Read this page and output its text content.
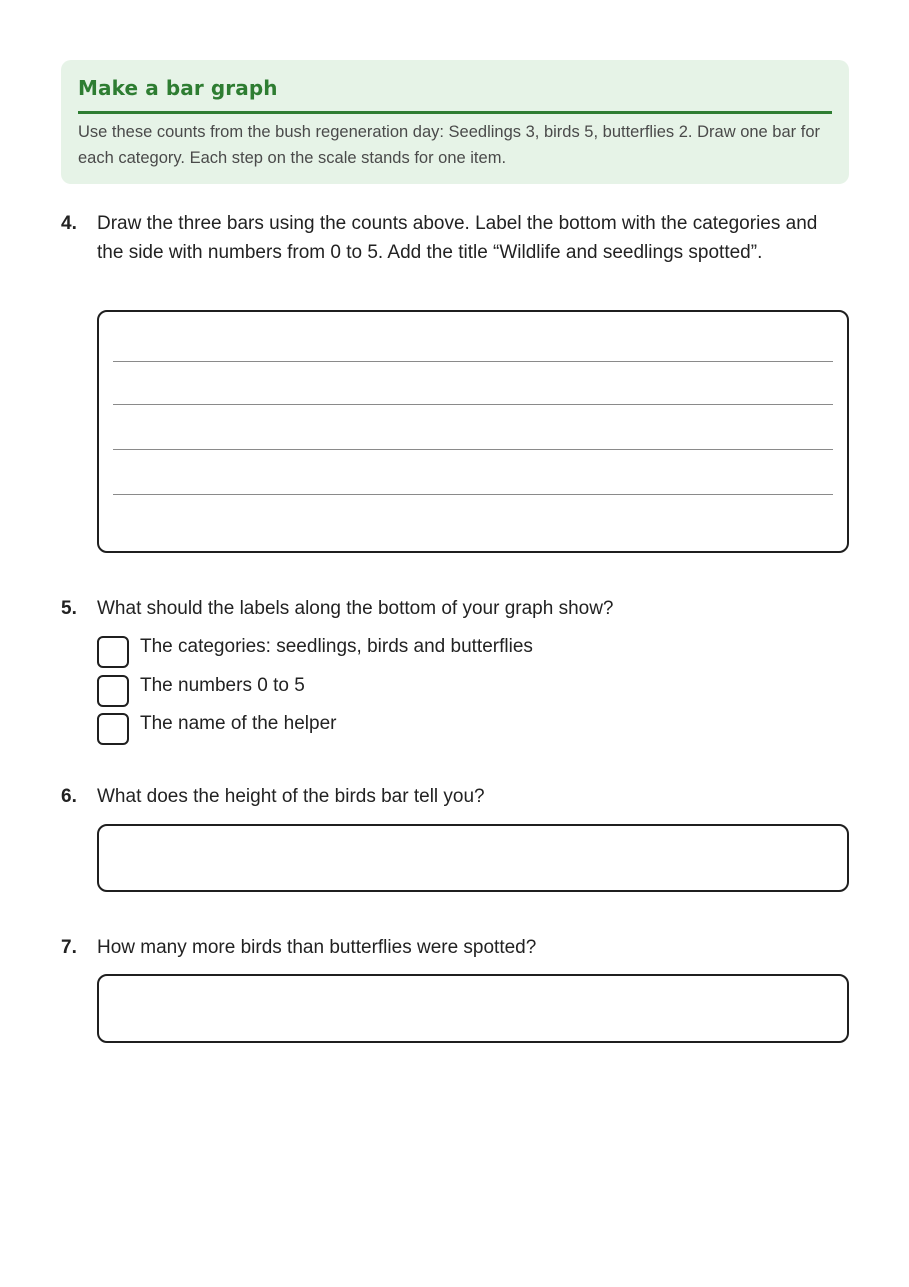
Make a bar graph
Use these counts from the bush regeneration day: Seedlings 3, birds 5, butterflies 2. Draw one bar for each category. Each step on the scale stands for one item.
4. Draw the three bars using the counts above. Label the bottom with the categories and the side with numbers from 0 to 5. Add the title “Wildlife and seedlings spotted”.
5. What should the labels along the bottom of your graph show?
The categories: seedlings, birds and butterflies
The numbers 0 to 5
The name of the helper
6. What does the height of the birds bar tell you?
7. How many more birds than butterflies were spotted?
